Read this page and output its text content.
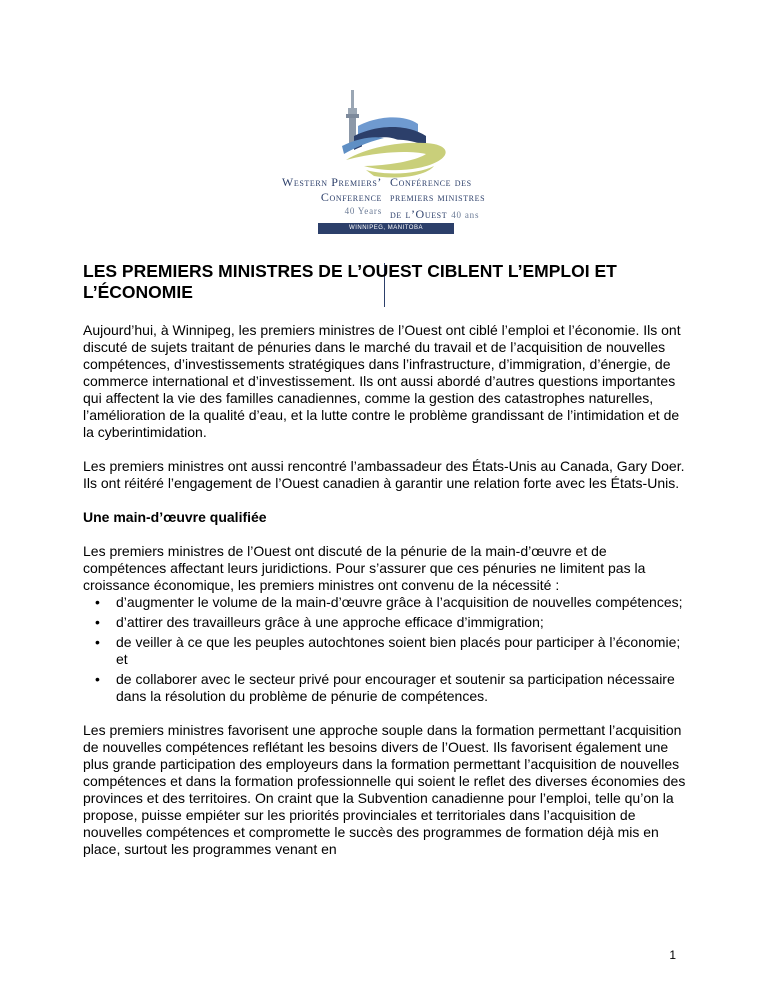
Western Premiers’
Conference
40 Years
Conférence des
premiers ministres
de l’Ouest 40 ans
WINNIPEG, MANITOBA
LES PREMIERS MINISTRES DE L’OUEST CIBLENT L’EMPLOI ET L’ÉCONOMIE

Aujourd’hui, à Winnipeg, les premiers ministres de l’Ouest ont ciblé l’emploi et l’économie. Ils ont discuté de sujets traitant de pénuries dans le marché du travail et de l’acquisition de nouvelles compétences, d’investissements stratégiques dans l’infrastructure, d’immigration, d’énergie, de commerce international et d’investissement. Ils ont aussi abordé d’autres questions importantes qui affectent la vie des familles canadiennes, comme la gestion des catastrophes naturelles, l’amélioration de la qualité d’eau, et la lutte contre le problème grandissant de l’intimidation et de la cyberintimidation.

Les premiers ministres ont aussi rencontré l’ambassadeur des États-Unis au Canada, Gary Doer. Ils ont réitéré l’engagement de l’Ouest canadien à garantir une relation forte avec les États-Unis.

Une main-d’œuvre qualifiée

Les premiers ministres de l’Ouest ont discuté de la pénurie de la main-d’œuvre et de compétences affectant leurs juridictions. Pour s’assurer que ces pénuries ne limitent pas la croissance économique, les premiers ministres ont convenu de la nécessité :

• d’augmenter le volume de la main-d’œuvre grâce à l’acquisition de nouvelles compétences;
• d’attirer des travailleurs grâce à une approche efficace d’immigration;
• de veiller à ce que les peuples autochtones soient bien placés pour participer à l’économie; et
• de collaborer avec le secteur privé pour encourager et soutenir sa participation nécessaire dans la résolution du problème de pénurie de compétences.

Les premiers ministres favorisent une approche souple dans la formation permettant l’acquisition de nouvelles compétences reflétant les besoins divers de l’Ouest. Ils favorisent également une plus grande participation des employeurs dans la formation permettant l’acquisition de nouvelles compétences et dans la formation professionnelle qui soient le reflet des diverses économies des provinces et des territoires. On craint que la Subvention canadienne pour l’emploi, telle qu’on la propose, puisse empiéter sur les priorités provinciales et territoriales dans l’acquisition de nouvelles compétences et compromette le succès des programmes de formation déjà mis en place, surtout les programmes venant en

1
